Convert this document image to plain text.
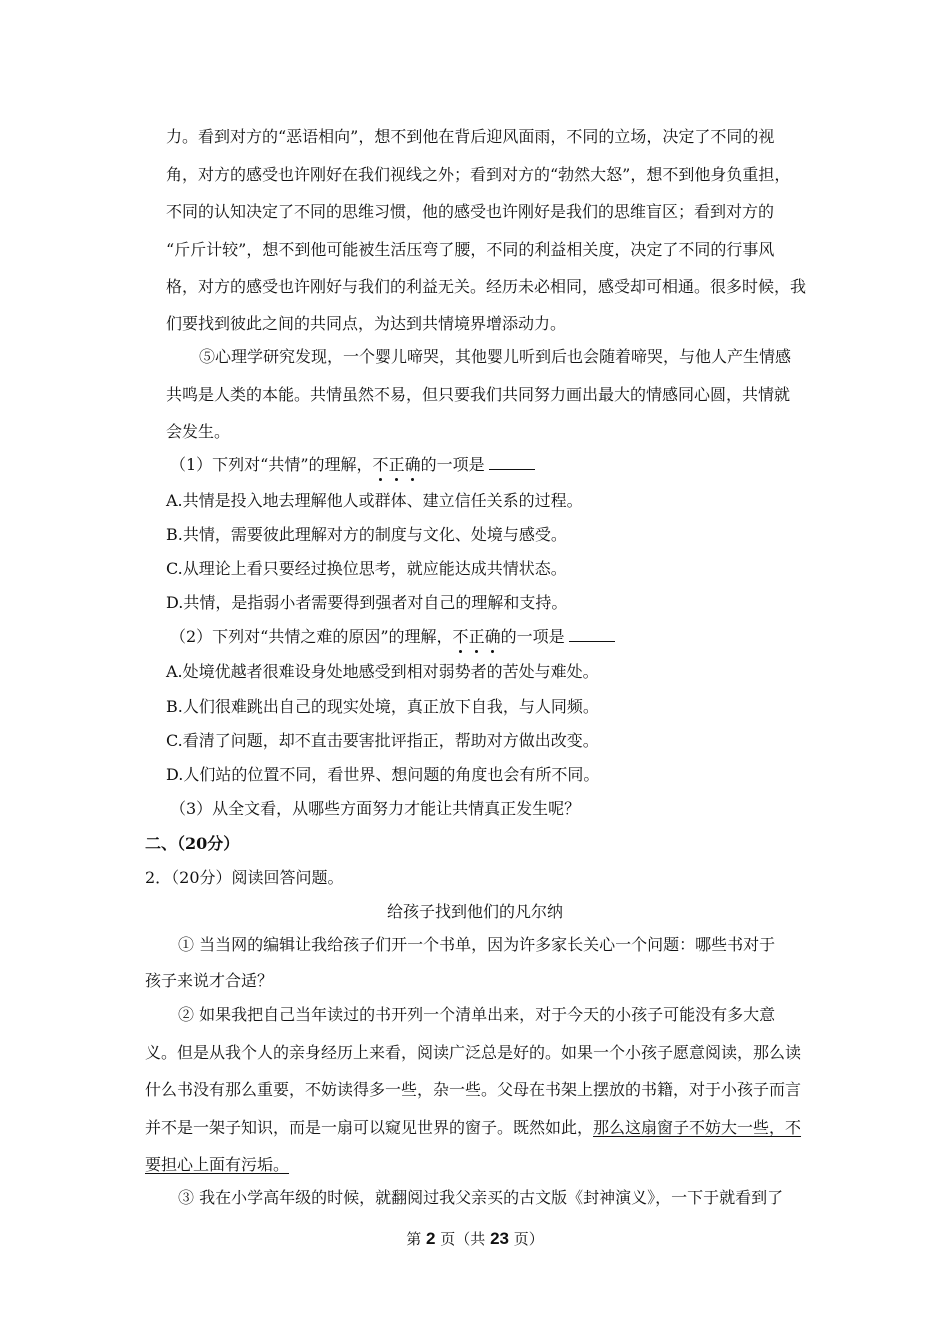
力。看到对方的“恶语相向”，想不到他在背后迎风面雨，不同的立场，决定了不同的视
角，对方的感受也许刚好在我们视线之外；看到对方的“勃然大怒”，想不到他身负重担，
不同的认知决定了不同的思维习惯，他的感受也许刚好是我们的思维盲区；看到对方的
“斤斤计较”，想不到他可能被生活压弯了腰，不同的利益相关度，决定了不同的行事风
格，对方的感受也许刚好与我们的利益无关。经历未必相同，感受却可相通。很多时候，我
们要找到彼此之间的共同点，为达到共情境界增添动力。
⑤心理学研究发现，一个婴儿啼哭，其他婴儿听到后也会随着啼哭，与他人产生情感
共鸣是人类的本能。共情虽然不易，但只要我们共同努力画出最大的情感同心圆，共情就
会发生。
（1）下列对“共情”的理解，不正确的一项是
A.共情是投入地去理解他人或群体、建立信任关系的过程。
B.共情，需要彼此理解对方的制度与文化、处境与感受。
C.从理论上看只要经过换位思考，就应能达成共情状态。
D.共情，是指弱小者需要得到强者对自己的理解和支持。
（2）下列对“共情之难的原因”的理解，不正确的一项是
A.处境优越者很难设身处地感受到相对弱势者的苦处与难处。
B.人们很难跳出自己的现实处境，真正放下自我，与人同频。
C.看清了问题，却不直击要害批评指正，帮助对方做出改变。
D.人们站的位置不同，看世界、想问题的角度也会有所不同。
（3）从全文看，从哪些方面努力才能让共情真正发生呢？
二、（20分）
2．（20分）阅读回答问题。
给孩子找到他们的凡尔纳
① 当当网的编辑让我给孩子们开一个书单，因为许多家长关心一个问题：哪些书对于
孩子来说才合适？
② 如果我把自己当年读过的书开列一个清单出来，对于今天的小孩子可能没有多大意
义。但是从我个人的亲身经历上来看，阅读广泛总是好的。如果一个小孩子愿意阅读，那么读
什么书没有那么重要，不妨读得多一些，杂一些。父母在书架上摆放的书籍，对于小孩子而言
并不是一架子知识，而是一扇可以窥见世界的窗子。既然如此，那么这扇窗子不妨大一些，不
要担心上面有污垢。
③ 我在小学高年级的时候，就翻阅过我父亲买的古文版《封神演义》，一下于就看到了
第 2 页（共 23 页）
